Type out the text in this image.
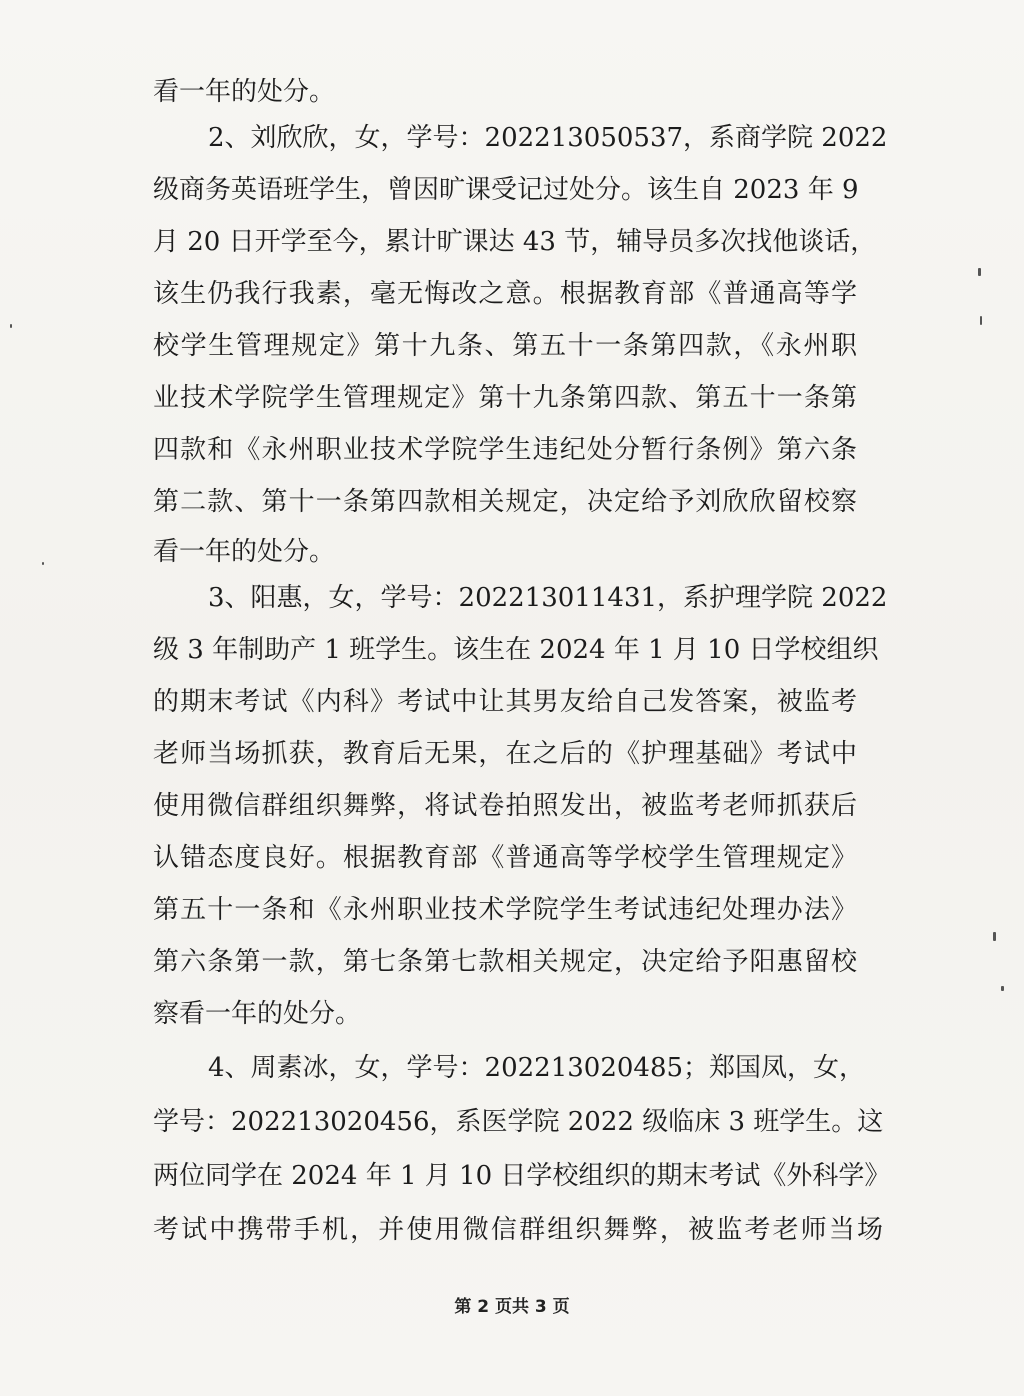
看一年的处分。
2、刘欣欣，女，学号：202213050537，系商学院 2022
级商务英语班学生，曾因旷课受记过处分。该生自 2023 年 9
月 20 日开学至今，累计旷课达 43 节，辅导员多次找他谈话，
该生仍我行我素，毫无悔改之意。根据教育部《普通高等学
校学生管理规定》第十九条、第五十一条第四款，《永州职
业技术学院学生管理规定》第十九条第四款、第五十一条第
四款和《永州职业技术学院学生违纪处分暂行条例》第六条
第二款、第十一条第四款相关规定，决定给予刘欣欣留校察
看一年的处分。
3、阳惠，女，学号：202213011431，系护理学院 2022
级 3 年制助产 1 班学生。该生在 2024 年 1 月 10 日学校组织
的期末考试《内科》考试中让其男友给自己发答案，被监考
老师当场抓获，教育后无果，在之后的《护理基础》考试中
使用微信群组织舞弊，将试卷拍照发出，被监考老师抓获后
认错态度良好。根据教育部《普通高等学校学生管理规定》
第五十一条和《永州职业技术学院学生考试违纪处理办法》
第六条第一款，第七条第七款相关规定，决定给予阳惠留校
察看一年的处分。
4、周素冰，女，学号：202213020485；郑国凤，女，
学号：202213020456，系医学院 2022 级临床 3 班学生。这
两位同学在 2024 年 1 月 10 日学校组织的期末考试《外科学》
考试中携带手机，并使用微信群组织舞弊，被监考老师当场
第 2 页共 3 页
